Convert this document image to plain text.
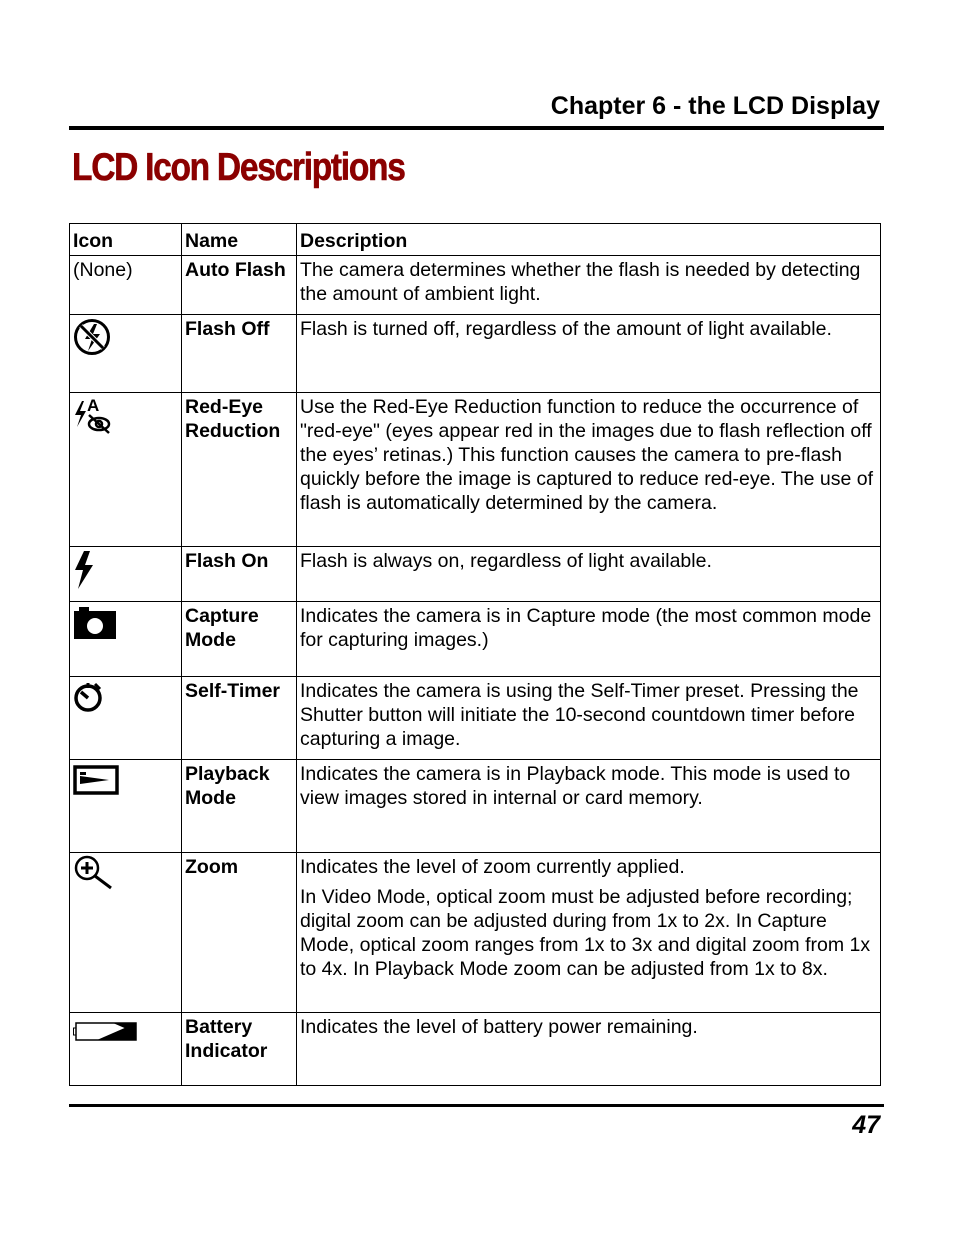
Chapter 6 - the LCD Display
LCD Icon Descriptions
Icon	Name	Description
(None)	Auto Flash	The camera determines whether the flash is needed by detecting the amount of ambient light.

	Flash Off	Flash is turned off, regardless of the amount of light available.

A	Red-Eye Reduction	Use the Red-Eye Reduction function to reduce the occurrence of "red-eye" (eyes appear red in the images due to flash reflection off the eyes’ retinas.) This function causes the camera to pre-flash quickly before the image is captured to reduce red-eye. The use of flash is automatically determined by the camera.

	Flash On	Flash is always on, regardless of light available.

	Capture Mode	Indicates the camera is in Capture mode (the most common mode for capturing images.)

	Self-Timer	Indicates the camera is using the Self-Timer preset. Pressing the Shutter button will initiate the 10-second countdown timer before capturing a image.

	Playback Mode	Indicates the camera is in Playback mode. This mode is used to view images stored in internal or card memory.

	Zoom	Indicates the level of zoom currently applied.
In Video Mode, optical zoom must be adjusted before recording; digital zoom can be adjusted during from 1x to 2x. In Capture Mode, optical zoom ranges from 1x to 3x and digital zoom from 1x to 4x. In Playback Mode zoom can be adjusted from 1x to 8x.

	Battery Indicator	Indicates the level of battery power remaining.
47
